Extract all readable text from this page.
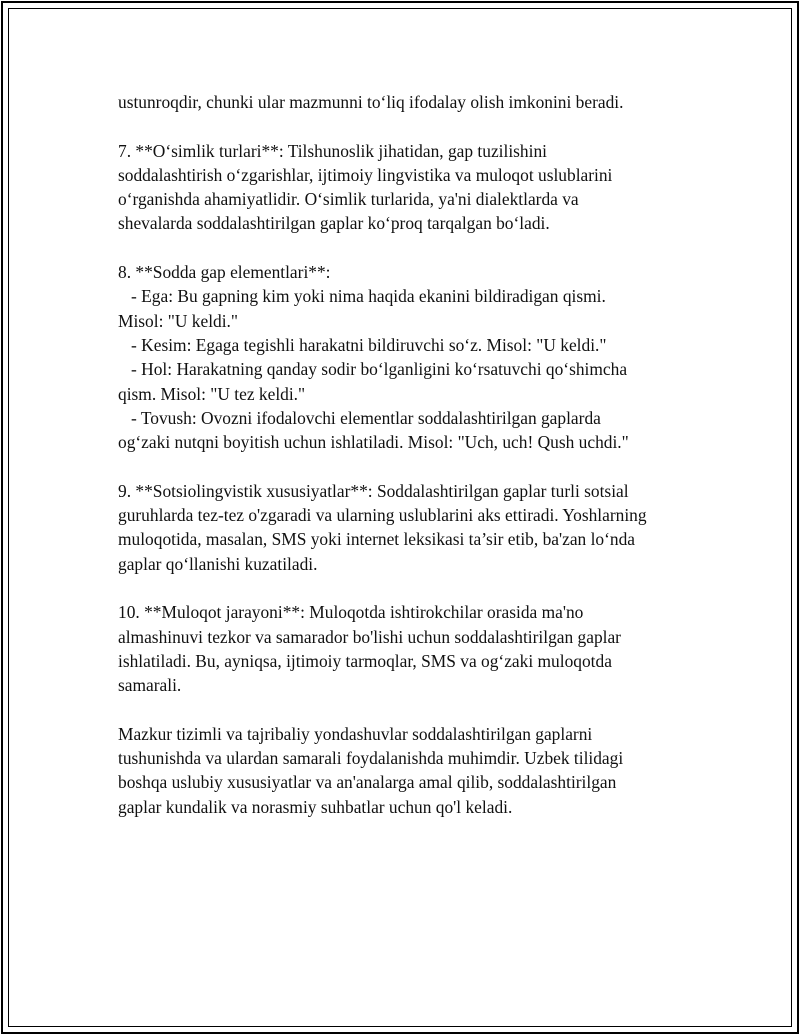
ustunroqdir, chunki ular mazmunni to‘liq ifodalay olish imkonini beradi.

7. **O‘simlik turlari**: Tilshunoslik jihatidan, gap tuzilishini

soddalashtirish o‘zgarishlar, ijtimoiy lingvistika va muloqot uslublarini

o‘rganishda ahamiyatlidir. O‘simlik turlarida, ya'ni dialektlarda va

shevalarda soddalashtirilgan gaplar ko‘proq tarqalgan bo‘ladi.

8. **Sodda gap elementlari**:

- Ega: Bu gapning kim yoki nima haqida ekanini bildiradigan qismi.

Misol: "U keldi."

- Kesim: Egaga tegishli harakatni bildiruvchi so‘z. Misol: "U keldi."

- Hol: Harakatning qanday sodir bo‘lganligini ko‘rsatuvchi qo‘shimcha

qism. Misol: "U tez keldi."

- Tovush: Ovozni ifodalovchi elementlar soddalashtirilgan gaplarda

og‘zaki nutqni boyitish uchun ishlatiladi. Misol: "Uch, uch! Qush uchdi."

9. **Sotsiolingvistik xususiyatlar**: Soddalashtirilgan gaplar turli sotsial

guruhlarda tez-tez o'zgaradi va ularning uslublarini aks ettiradi. Yoshlarning

muloqotida, masalan, SMS yoki internet leksikasi ta’sir etib, ba'zan lo‘nda

gaplar qo‘llanishi kuzatiladi.

10. **Muloqot jarayoni**: Muloqotda ishtirokchilar orasida ma'no

almashinuvi tezkor va samarador bo'lishi uchun soddalashtirilgan gaplar

ishlatiladi. Bu, ayniqsa, ijtimoiy tarmoqlar, SMS va og‘zaki muloqotda

samarali.

Mazkur tizimli va tajribaliy yondashuvlar soddalashtirilgan gaplarni

tushunishda va ulardan samarali foydalanishda muhimdir. Uzbek tilidagi

boshqa uslubiy xususiyatlar va an'analarga amal qilib, soddalashtirilgan

gaplar kundalik va norasmiy suhbatlar uchun qo'l keladi.
